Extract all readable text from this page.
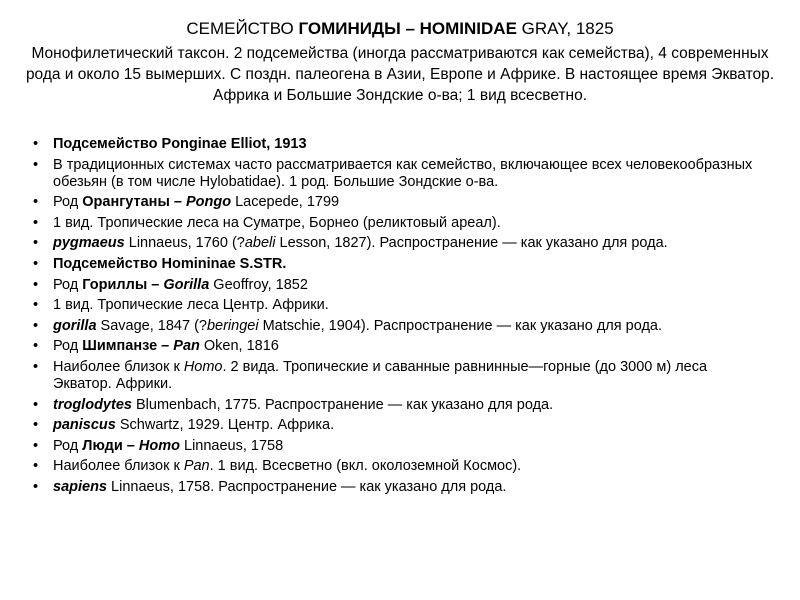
СЕМЕЙСТВО ГОМИНИДЫ – HOMINIDAE GRAY, 1825
Монофилетический таксон. 2 подсемейства (иногда рассматриваются как семейства), 4 современных рода и около 15 вымерших. С поздн. палеогена в Азии, Европе и Африке. В настоящее время Экватор. Африка и Большие Зондские о-ва; 1 вид всесветно.
• Подсемейство Ponginae Elliot, 1913
• В традиционных системах часто рассматривается как семейство, включающее всех человекообразных обезьян (в том числе Hylobatidae). 1 род. Большие Зондские о-ва.
• Род Орангутаны – Pongo Lacepede, 1799
• 1 вид. Тропические леса на Суматре, Борнео (реликтовый ареал).
• pygmaeus Linnaeus, 1760 (?abeli Lesson, 1827). Распространение — как указано для рода.
• Подсемейство Homininae S.STR.
• Род Гориллы – Gorilla Geoffroy, 1852
• 1 вид. Тропические леса Центр. Африки.
• gorilla Savage, 1847 (?beringei Matschie, 1904). Распространение — как указано для рода.
• Род Шимпанзе – Pan Oken, 1816
• Наиболее близок к Homo. 2 вида. Тропические и саванные равнинные—горные (до 3000 м) леса Экватор. Африки.
• troglodytes Blumenbach, 1775. Распространение — как указано для рода.
• paniscus Schwartz, 1929. Центр. Африка.
• Род Люди – Homo Linnaeus, 1758
• Наиболее близок к Pan. 1 вид. Всесветно (вкл. околоземной Космос).
• sapiens Linnaeus, 1758. Распространение — как указано для рода.
